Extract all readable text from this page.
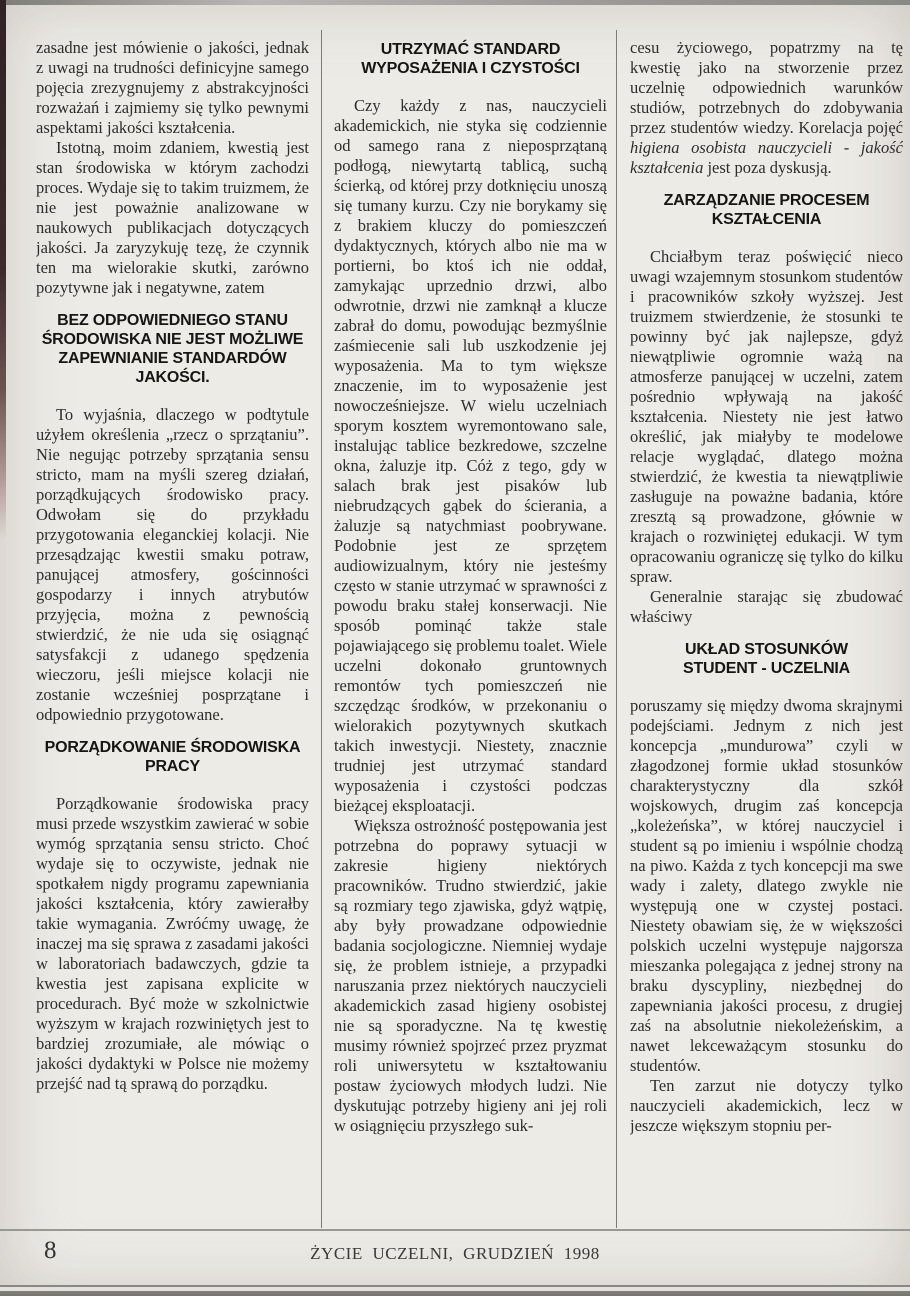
zasadne jest mówienie o jakości, jednak z uwagi na trudności definicyjne samego pojęcia zrezygnujemy z abstrakcyjności rozważań i zajmiemy się tylko pewnymi aspektami jakości kształcenia.

Istotną, moim zdaniem, kwestią jest stan środowiska w którym zachodzi proces. Wydaje się to takim truizmem, że nie jest poważnie analizowane w naukowych publikacjach dotyczących jakości. Ja zaryzykuję tezę, że czynnik ten ma wielorakie skutki, zarówno pozytywne jak i negatywne, zatem

BEZ ODPOWIEDNIEGO STANU ŚRODOWISKA NIE JEST MOŻLIWE ZAPEWNIANIE STANDARDÓW JAKOŚCI.

To wyjaśnia, dlaczego w podtytule użyłem określenia „rzecz o sprzątaniu”. Nie negując potrzeby sprzątania sensu stricto, mam na myśli szereg działań, porządkujących środowisko pracy. Odwołam się do przykładu przygotowania eleganckiej kolacji. Nie przesądzając kwestii smaku potraw, panującej atmosfery, gościnności gospodarzy i innych atrybutów przyjęcia, można z pewnością stwierdzić, że nie uda się osiągnąć satysfakcji z udanego spędzenia wieczoru, jeśli miejsce kolacji nie zostanie wcześniej posprzątane i odpowiednio przygotowane.

PORZĄDKOWANIE ŚRODOWISKA PRACY

Porządkowanie środowiska pracy musi przede wszystkim zawierać w sobie wymóg sprzątania sensu stricto. Choć wydaje się to oczywiste, jednak nie spotkałem nigdy programu zapewniania jakości kształcenia, który zawierałby takie wymagania. Zwróćmy uwagę, że inaczej ma się sprawa z zasadami jakości w laboratoriach badawczych, gdzie ta kwestia jest zapisana explicite w procedurach. Być może w szkolnictwie wyższym w krajach rozwiniętych jest to bardziej zrozumiałe, ale mówiąc o jakości dydaktyki w Polsce nie możemy przejść nad tą sprawą do porządku.

UTRZYMAĆ STANDARD WYPOSAŻENIA I CZYSTOŚCI

Czy każdy z nas, nauczycieli akademickich, nie styka się codziennie od samego rana z nieposprzątaną podłogą, niewytartą tablicą, suchą ścierką, od której przy dotknięciu unoszą się tumany kurzu. Czy nie borykamy się z brakiem kluczy do pomieszczeń dydaktycznych, których albo nie ma w portierni, bo ktoś ich nie oddał, zamykając uprzednio drzwi, albo odwrotnie, drzwi nie zamknął a klucze zabrał do domu, powodując bezmyślnie zaśmiecenie sali lub uszkodzenie jej wyposażenia. Ma to tym większe znaczenie, im to wyposażenie jest nowocześniejsze. W wielu uczelniach sporym kosztem wyremontowano sale, instalując tablice bezkredowe, szczelne okna, żaluzje itp. Cóż z tego, gdy w salach brak jest pisaków lub niebrudzących gąbek do ścierania, a żaluzje są natychmiast poobrywane. Podobnie jest ze sprzętem audiowizualnym, który nie jesteśmy często w stanie utrzymać w sprawności z powodu braku stałej konserwacji. Nie sposób pominąć także stale pojawiającego się problemu toalet. Wiele uczelni dokonało gruntownych remontów tych pomieszczeń nie szczędząc środków, w przekonaniu o wielorakich pozytywnych skutkach takich inwestycji. Niestety, znacznie trudniej jest utrzymać standard wyposażenia i czystości podczas bieżącej eksploatacji.

Większa ostrożność postępowania jest potrzebna do poprawy sytuacji w zakresie higieny niektórych pracowników. Trudno stwierdzić, jakie są rozmiary tego zjawiska, gdyż wątpię, aby były prowadzane odpowiednie badania socjologiczne. Niemniej wydaje się, że problem istnieje, a przypadki naruszania przez niektórych nauczycieli akademickich zasad higieny osobistej nie są sporadyczne. Na tę kwestię musimy również spojrzeć przez pryzmat roli uniwersytetu w kształtowaniu postaw życiowych młodych ludzi. Nie dyskutując potrzeby higieny ani jej roli w osiągnięciu przyszłego suk-

cesu życiowego, popatrzmy na tę kwestię jako na stworzenie przez uczelnię odpowiednich warunków studiów, potrzebnych do zdobywania przez studentów wiedzy. Korelacja pojęć higiena osobista nauczycieli - jakość kształcenia jest poza dyskusją.

ZARZĄDZANIE PROCESEM KSZTAŁCENIA

Chciałbym teraz poświęcić nieco uwagi wzajemnym stosunkom studentów i pracowników szkoły wyższej. Jest truizmem stwierdzenie, że stosunki te powinny być jak najlepsze, gdyż niewątpliwie ogromnie ważą na atmosferze panującej w uczelni, zatem pośrednio wpływają na jakość kształcenia. Niestety nie jest łatwo określić, jak miałyby te modelowe relacje wyglądać, dlatego można stwierdzić, że kwestia ta niewątpliwie zasługuje na poważne badania, które zresztą są prowadzone, głównie w krajach o rozwiniętej edukacji. W tym opracowaniu ograniczę się tylko do kilku spraw.

Generalnie starając się zbudować właściwy

UKŁAD STOSUNKÓW STUDENT - UCZELNIA

poruszamy się między dwoma skrajnymi podejściami. Jednym z nich jest koncepcja „mundurowa” czyli w złagodzonej formie układ stosunków charakterystyczny dla szkół wojskowych, drugim zaś koncepcja „koleżeńska”, w której nauczyciel i student są po imieniu i wspólnie chodzą na piwo. Każda z tych koncepcji ma swe wady i zalety, dlatego zwykle nie występują one w czystej postaci. Niestety obawiam się, że w większości polskich uczelni występuje najgorsza mieszanka polegająca z jednej strony na braku dyscypliny, niezbędnej do zapewniania jakości procesu, z drugiej zaś na absolutnie niekoleżeńskim, a nawet lekceważącym stosunku do studentów.

Ten zarzut nie dotyczy tylko nauczycieli akademickich, lecz w jeszcze większym stopniu per-

8	ŻYCIE UCZELNI, GRUDZIEŃ 1998
